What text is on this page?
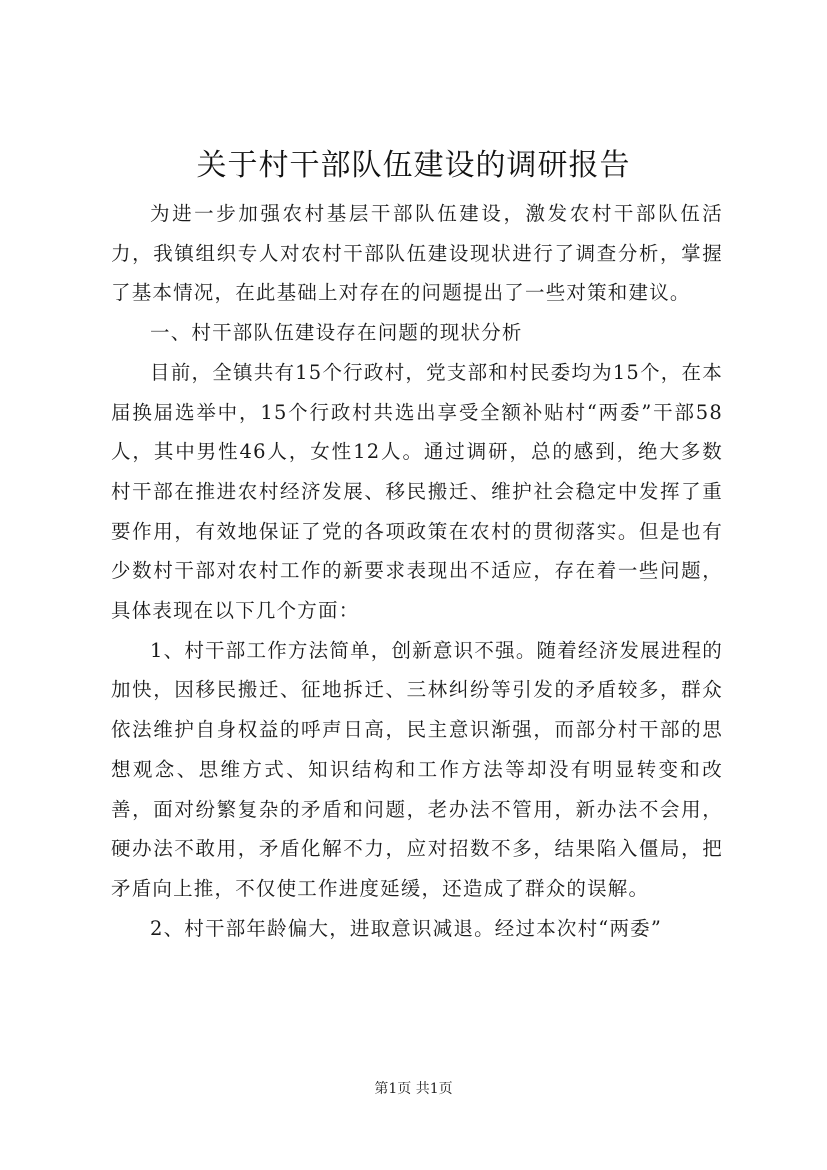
关于村干部队伍建设的调研报告

为进一步加强农村基层干部队伍建设，激发农村干部队伍活力，我镇组织专人对农村干部队伍建设现状进行了调查分析，掌握了基本情况，在此基础上对存在的问题提出了一些对策和建议。

一、村干部队伍建设存在问题的现状分析

目前，全镇共有15个行政村，党支部和村民委均为15个，在本届换届选举中，15个行政村共选出享受全额补贴村“两委”干部58人，其中男性46人，女性12人。通过调研，总的感到，绝大多数村干部在推进农村经济发展、移民搬迁、维护社会稳定中发挥了重要作用，有效地保证了党的各项政策在农村的贯彻落实。但是也有少数村干部对农村工作的新要求表现出不适应，存在着一些问题，具体表现在以下几个方面：

1、村干部工作方法简单，创新意识不强。随着经济发展进程的加快，因移民搬迁、征地拆迁、三林纠纷等引发的矛盾较多，群众依法维护自身权益的呼声日高，民主意识渐强，而部分村干部的思想观念、思维方式、知识结构和工作方法等却没有明显转变和改善，面对纷繁复杂的矛盾和问题，老办法不管用，新办法不会用，硬办法不敢用，矛盾化解不力，应对招数不多，结果陷入僵局，把矛盾向上推，不仅使工作进度延缓，还造成了群众的误解。

2、村干部年龄偏大，进取意识减退。经过本次村“两委”

第1页 共1页
